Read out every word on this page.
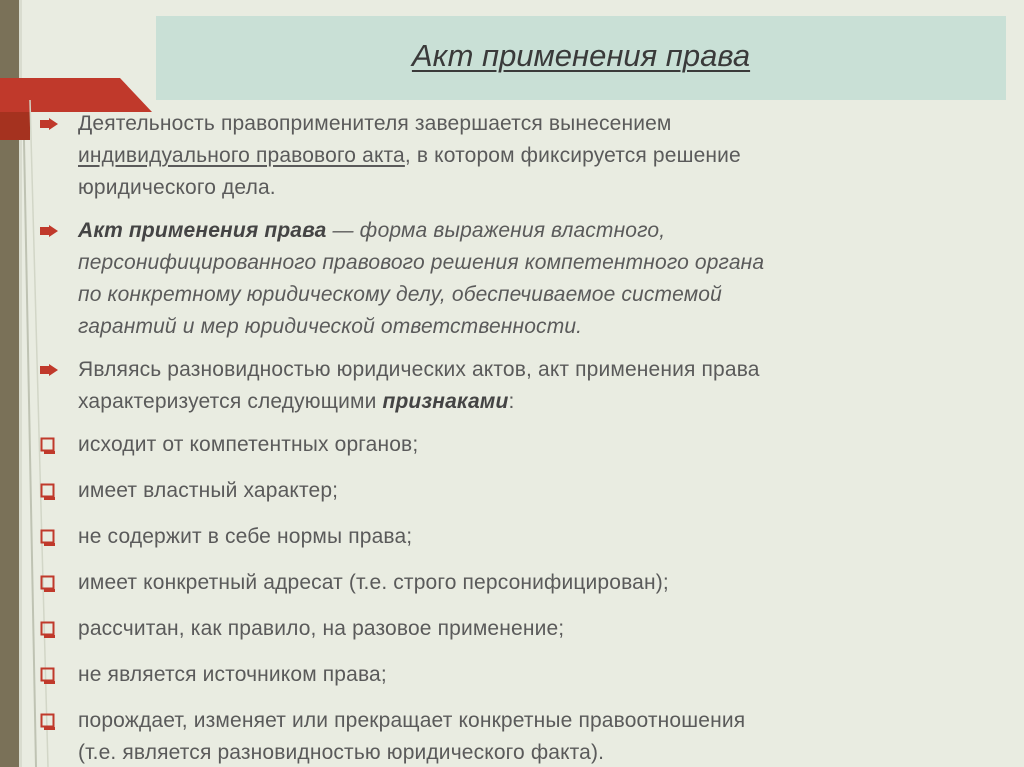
Акт применения права
Деятельность правоприменителя завершается вынесением
индивидуального правового акта, в котором фиксируется решение
юридического дела.
Акт применения права — форма выражения властного,
персонифицированного правового решения компетентного органа
по конкретному юридическому делу, обеспечиваемое системой
гарантий и мер юридической ответственности.
Являясь разновидностью юридических актов, акт применения права
характеризуется следующими признаками:
исходит от компетентных органов;
имеет властный характер;
не содержит в себе нормы права;
имеет конкретный адресат (т.е. строго персонифицирован);
рассчитан, как правило, на разовое применение;
не является источником права;
порождает, изменяет или прекращает конкретные правоотношения
(т.е. является разновидностью юридического факта).
